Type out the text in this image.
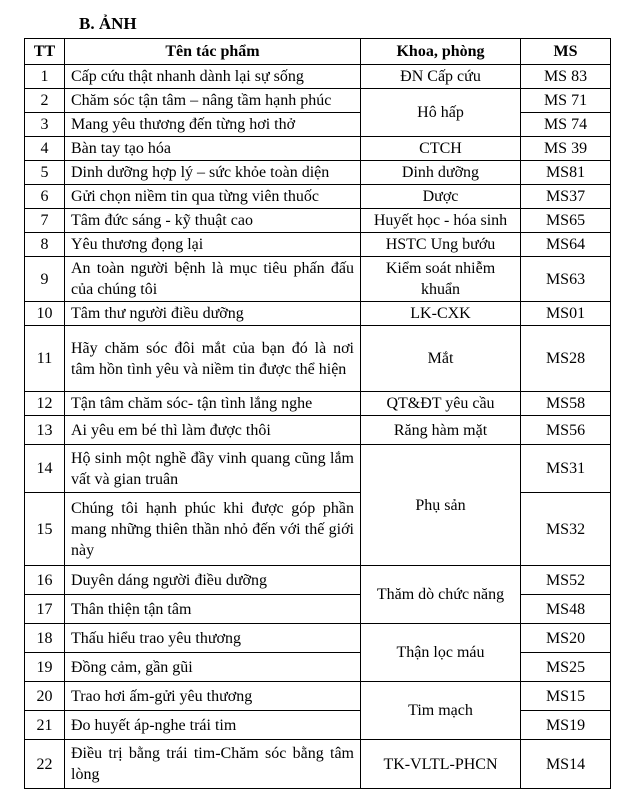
B. ẢNH
TT	Tên tác phẩm	Khoa, phòng	MS
1	Cấp cứu thật nhanh dành lại sự sống	ĐN Cấp cứu	MS 83
2	Chăm sóc tận tâm – nâng tầm hạnh phúc	Hô hấp	MS 71
3	Mang yêu thương đến từng hơi thở		MS 74
4	Bàn tay tạo hóa	CTCH	MS 39
5	Dinh dưỡng hợp lý – sức khỏe toàn diện	Dinh dưỡng	MS81
6	Gửi chọn niềm tin qua từng viên thuốc	Dược	MS37
7	Tâm đức sáng - kỹ thuật cao	Huyết học - hóa sinh	MS65
8	Yêu thương đọng lại	HSTC Ung bướu	MS64
9	An toàn người bệnh là mục tiêu phấn đấu của chúng tôi	Kiểm soát nhiễm khuẩn	MS63
10	Tâm thư người điều dưỡng	LK-CXK	MS01
11	Hãy chăm sóc đôi mắt của bạn đó là nơi tâm hồn tình yêu và niềm tin được thể hiện	Mắt	MS28
12	Tận tâm chăm sóc- tận tình lắng nghe	QT&ĐT yêu cầu	MS58
13	Ai yêu em bé thì làm được thôi	Răng hàm mặt	MS56
14	Hộ sinh một nghề đầy vinh quang cũng lắm vất và gian truân	Phụ sản	MS31
15	Chúng tôi hạnh phúc khi được góp phần mang những thiên thần nhỏ đến với thế giới này		MS32
16	Duyên dáng người điều dưỡng	Thăm dò chức năng	MS52
17	Thân thiện tận tâm		MS48
18	Thấu hiểu trao yêu thương	Thận lọc máu	MS20
19	Đồng cảm, gần gũi		MS25
20	Trao hơi ấm-gửi yêu thương	Tim mạch	MS15
21	Đo huyết áp-nghe trái tim		MS19
22	Điều trị bằng trái tim-Chăm sóc bằng tâm lòng	TK-VLTL-PHCN	MS14
